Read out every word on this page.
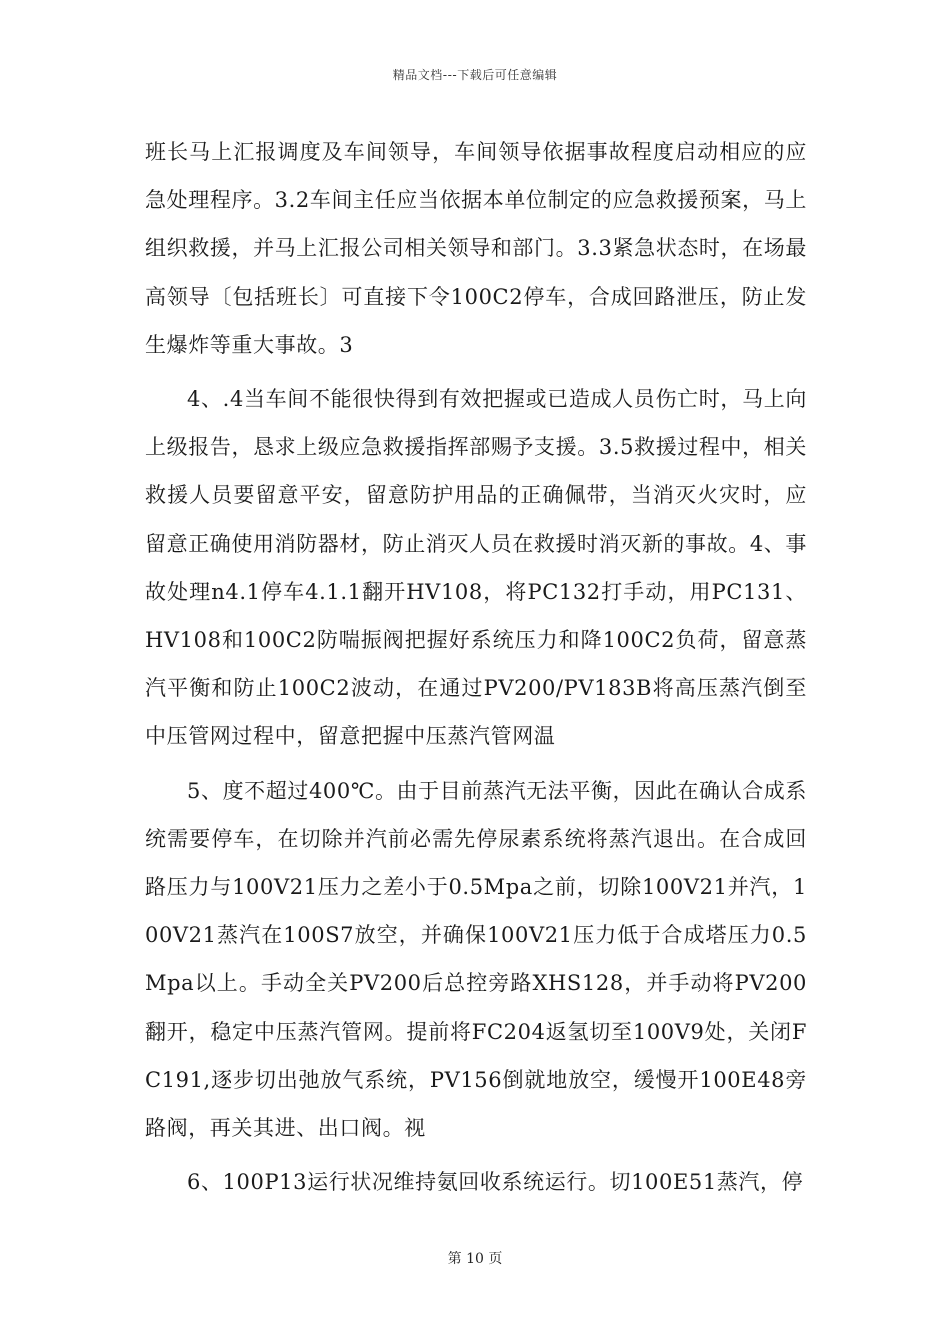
精品文档---下载后可任意编辑

班长马上汇报调度及车间领导，车间领导依据事故程度启动相应的应急处理程序。3.2车间主任应当依据本单位制定的应急救援预案，马上组织救援，并马上汇报公司相关领导和部门。3.3紧急状态时，在场最高领导〔包括班长〕可直接下令100C2停车，合成回路泄压，防止发生爆炸等重大事故。3

4、.4当车间不能很快得到有效把握或已造成人员伤亡时，马上向上级报告，恳求上级应急救援指挥部赐予支援。3.5救援过程中，相关救援人员要留意平安，留意防护用品的正确佩带，当消灭火灾时，应留意正确使用消防器材，防止消灭人员在救援时消灭新的事故。4、事故处理n4.1停车4.1.1翻开HV108，将PC132打手动，用PC131、HV108和100C2防喘振阀把握好系统压力和降100C2负荷，留意蒸汽平衡和防止100C2波动，在通过PV200/PV183B将高压蒸汽倒至中压管网过程中，留意把握中压蒸汽管网温

5、度不超过400℃。由于目前蒸汽无法平衡，因此在确认合成系统需要停车，在切除并汽前必需先停尿素系统将蒸汽退出。在合成回路压力与100V21压力之差小于0.5Mpa之前，切除100V21并汽，100V21蒸汽在100S7放空，并确保100V21压力低于合成塔压力0.5Mpa以上。手动全关PV200后总控旁路XHS128，并手动将PV200翻开，稳定中压蒸汽管网。提前将FC204返氢切至100V9处，关闭FC191,逐步切出弛放气系统，PV156倒就地放空，缓慢开100E48旁路阀，再关其进、出口阀。视

6、100P13运行状况维持氨回收系统运行。切100E51蒸汽，停

第 10 页
